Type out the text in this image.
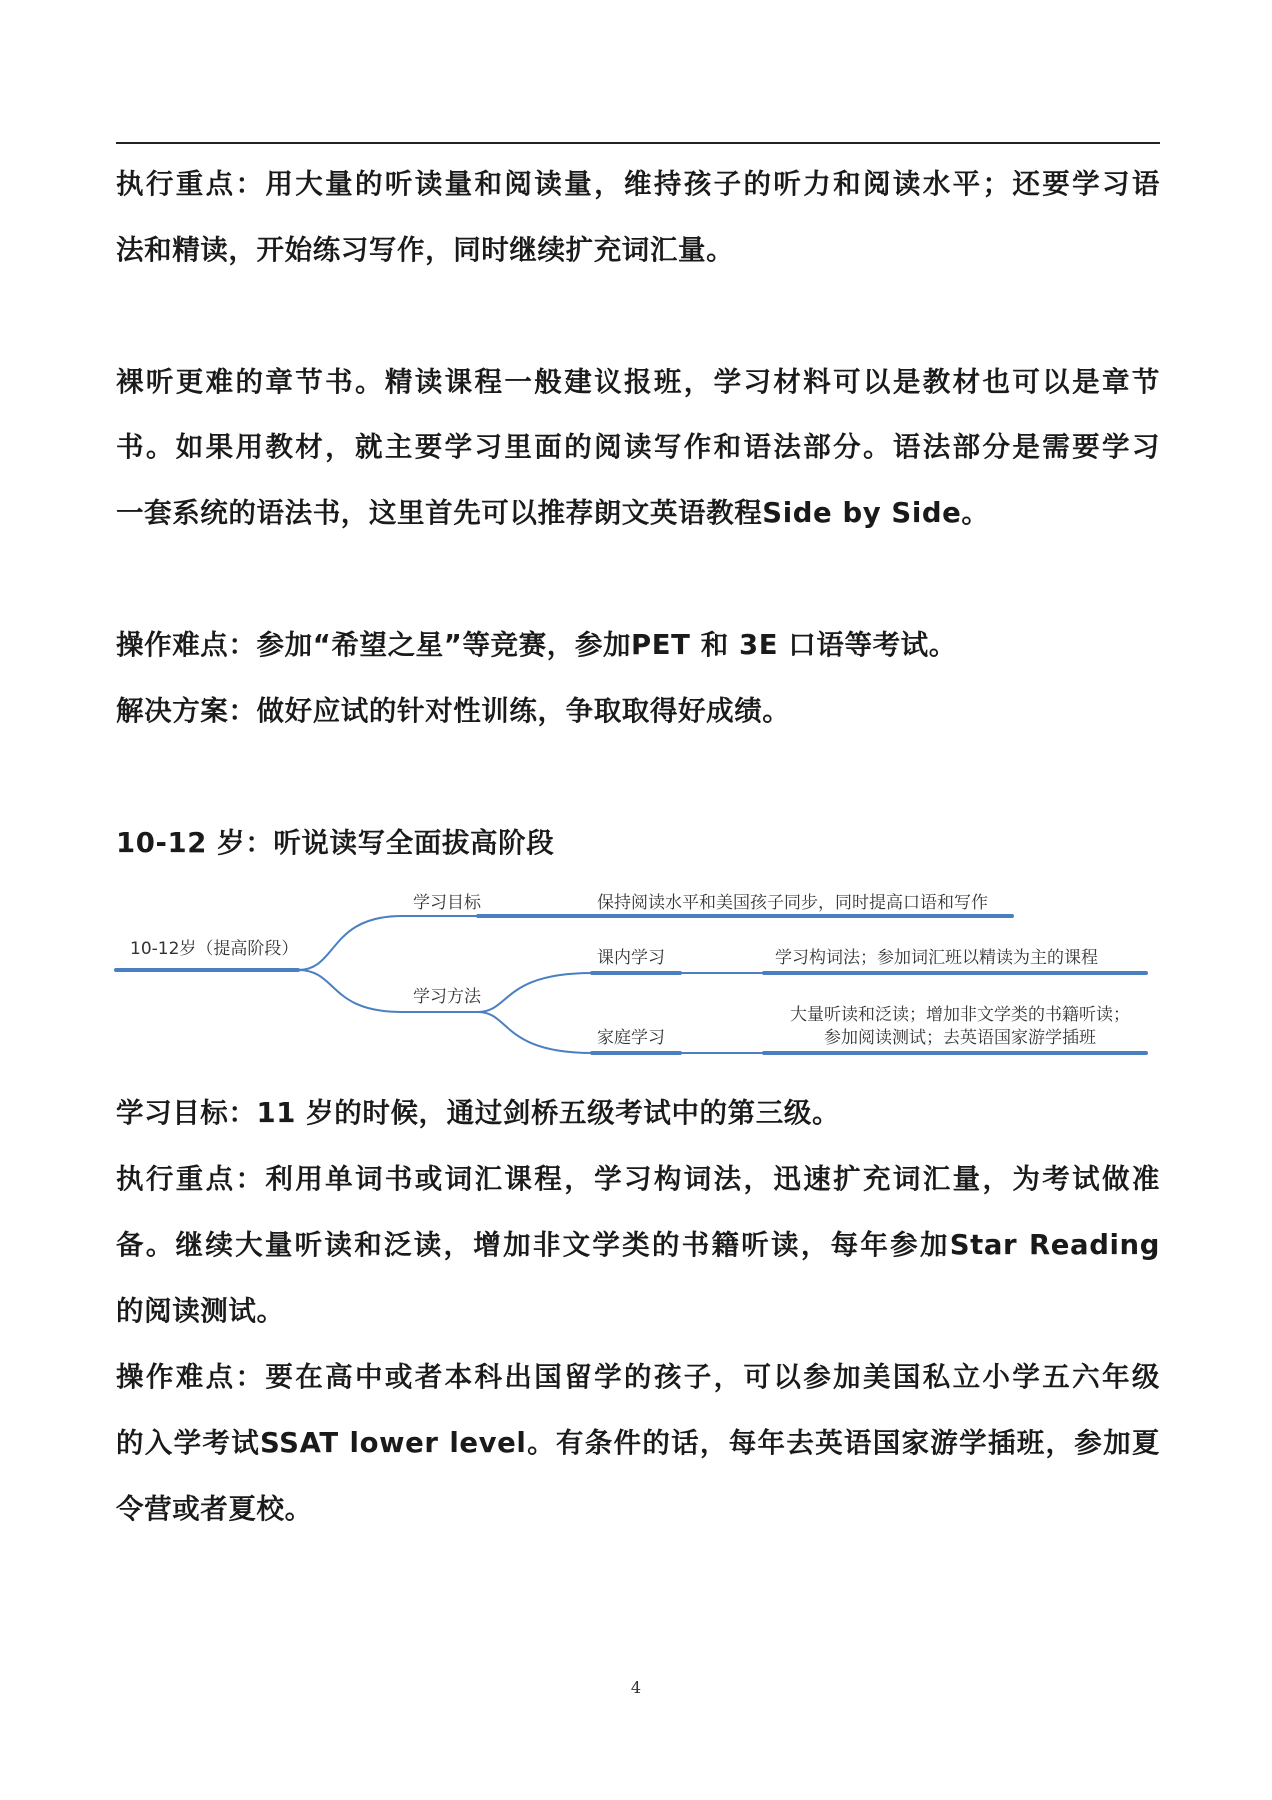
执行重点：用大量的听读量和阅读量，维持孩子的听力和阅读水平；还要学习语
法和精读，开始练习写作，同时继续扩充词汇量。
裸听更难的章节书。精读课程一般建议报班，学习材料可以是教材也可以是章节
书。如果用教材，就主要学习里面的阅读写作和语法部分。语法部分是需要学习
一套系统的语法书，这里首先可以推荐朗文英语教程Side by Side。
操作难点：参加“希望之星”等竞赛，参加PET 和 3E 口语等考试。
解决方案：做好应试的针对性训练，争取取得好成绩。
10-12 岁：听说读写全面拔高阶段
10-12岁（提高阶段）
学习目标	保持阅读水平和美国孩子同步，同时提高口语和写作
学习方法
课内学习	学习构词法；参加词汇班以精读为主的课程
家庭学习
大量听读和泛读；增加非文学类的书籍听读；
参加阅读测试；去英语国家游学插班
学习目标：11 岁的时候，通过剑桥五级考试中的第三级。
执行重点：利用单词书或词汇课程，学习构词法，迅速扩充词汇量，为考试做准
备。继续大量听读和泛读，增加非文学类的书籍听读，每年参加Star Reading
的阅读测试。
操作难点：要在高中或者本科出国留学的孩子，可以参加美国私立小学五六年级
的入学考试SSAT lower level。有条件的话，每年去英语国家游学插班，参加夏
令营或者夏校。
4
